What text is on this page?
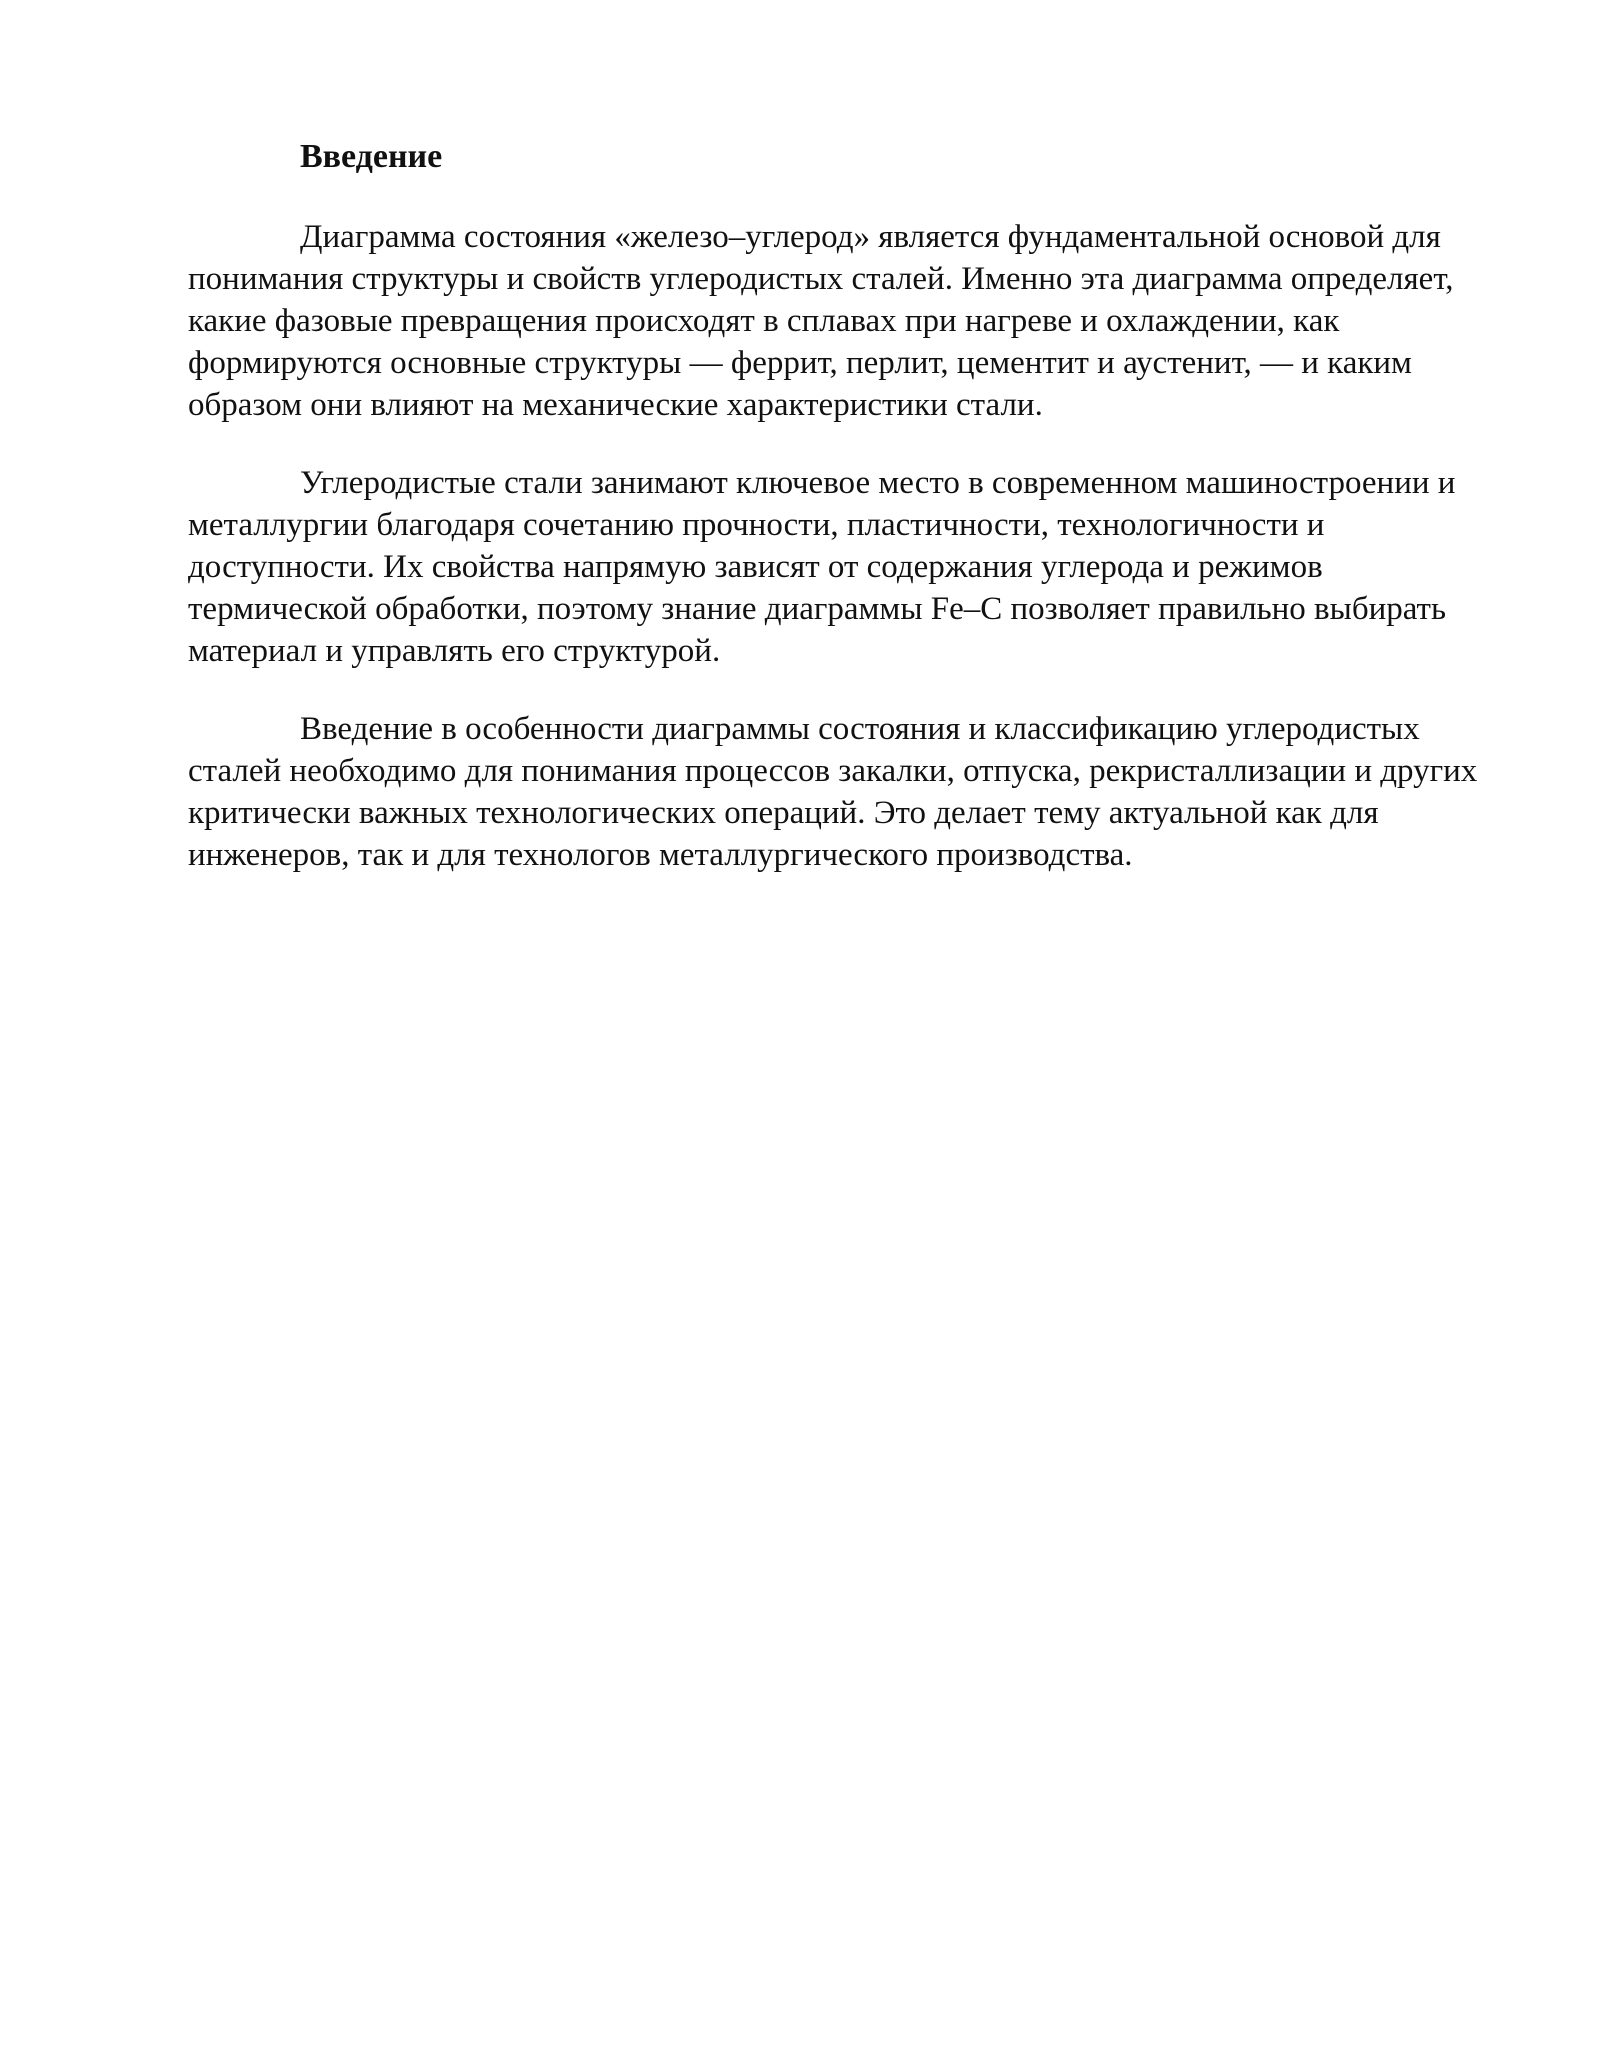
Введение

Диаграмма состояния «железо–углерод» является фундаментальной основой для понимания структуры и свойств углеродистых сталей. Именно эта диаграмма определяет, какие фазовые превращения происходят в сплавах при нагреве и охлаждении, как формируются основные структуры — феррит, перлит, цементит и аустенит, — и каким образом они влияют на механические характеристики стали.

Углеродистые стали занимают ключевое место в современном машиностроении и металлургии благодаря сочетанию прочности, пластичности, технологичности и доступности. Их свойства напрямую зависят от содержания углерода и режимов термической обработки, поэтому знание диаграммы Fe–C позволяет правильно выбирать материал и управлять его структурой.

Введение в особенности диаграммы состояния и классификацию углеродистых сталей необходимо для понимания процессов закалки, отпуска, рекристаллизации и других критически важных технологических операций. Это делает тему актуальной как для инженеров, так и для технологов металлургического производства.
